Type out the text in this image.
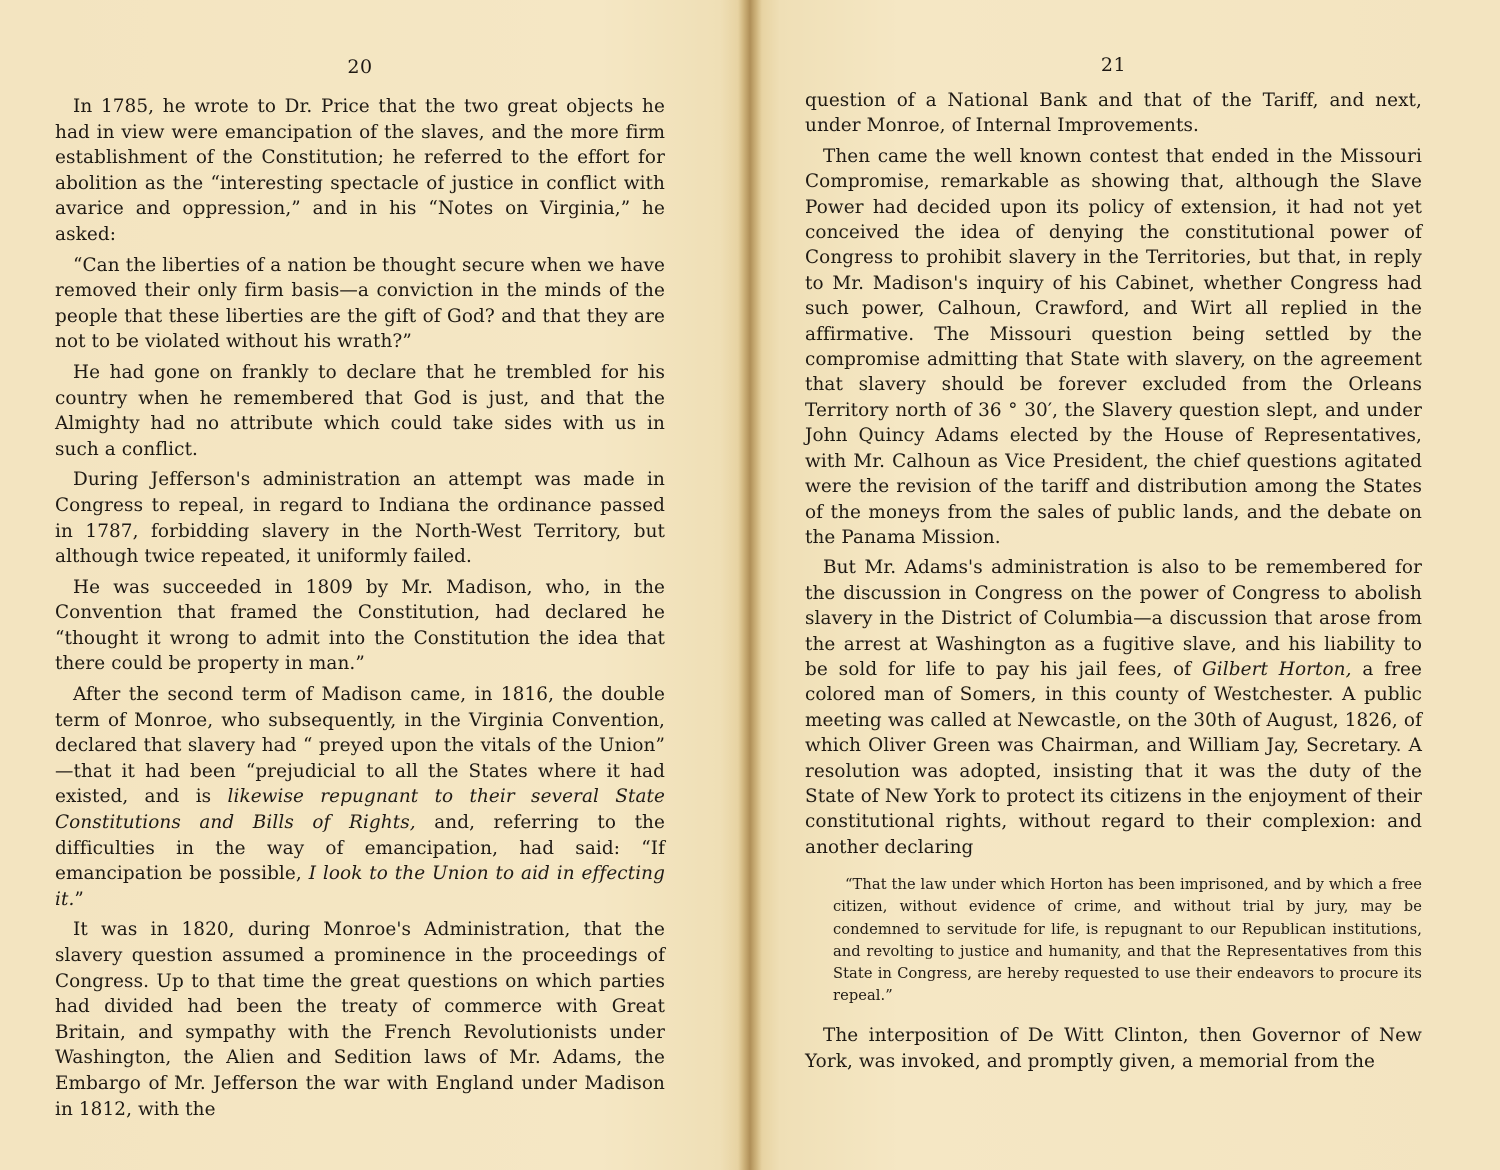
20

In 1785, he wrote to Dr. Price that the two great objects he had in view were emancipation of the slaves, and the more firm establishment of the Constitution; he referred to the effort for abolition as the “interesting spectacle of justice in conflict with avarice and oppression,” and in his “Notes on Virginia,” he asked:

“Can the liberties of a nation be thought secure when we have removed their only firm basis—a conviction in the minds of the people that these liberties are the gift of God? and that they are not to be violated without his wrath?”

He had gone on frankly to declare that he trembled for his country when he remembered that God is just, and that the Almighty had no attribute which could take sides with us in such a conflict.

During Jefferson's administration an attempt was made in Congress to repeal, in regard to Indiana the ordinance passed in 1787, forbidding slavery in the North-West Territory, but although twice repeated, it uniformly failed.

He was succeeded in 1809 by Mr. Madison, who, in the Convention that framed the Constitution, had declared he “thought it wrong to admit into the Constitution the idea that there could be property in man.”

After the second term of Madison came, in 1816, the double term of Monroe, who subsequently, in the Virginia Convention, declared that slavery had “ preyed upon the vitals of the Union” —that it had been “prejudicial to all the States where it had existed, and is likewise repugnant to their several State Constitutions and Bills of Rights, and, referring to the difficulties in the way of emancipation, had said: “If emancipation be possible, I look to the Union to aid in effecting it.”

It was in 1820, during Monroe's Administration, that the slavery question assumed a prominence in the proceedings of Congress. Up to that time the great questions on which parties had divided had been the treaty of commerce with Great Britain, and sympathy with the French Revolutionists under Washington, the Alien and Sedition laws of Mr. Adams, the Embargo of Mr. Jefferson the war with England under Madison in 1812, with the

21

question of a National Bank and that of the Tariff, and next, under Monroe, of Internal Improvements.

Then came the well known contest that ended in the Missouri Compromise, remarkable as showing that, although the Slave Power had decided upon its policy of extension, it had not yet conceived the idea of denying the constitutional power of Congress to prohibit slavery in the Territories, but that, in reply to Mr. Madison's inquiry of his Cabinet, whether Congress had such power, Calhoun, Crawford, and Wirt all replied in the affirmative. The Missouri question being settled by the compromise admitting that State with slavery, on the agreement that slavery should be forever excluded from the Orleans Territory north of 36 ° 30′, the Slavery question slept, and under John Quincy Adams elected by the House of Representatives, with Mr. Calhoun as Vice President, the chief questions agitated were the revision of the tariff and distribution among the States of the moneys from the sales of public lands, and the debate on the Panama Mission.

But Mr. Adams's administration is also to be remembered for the discussion in Congress on the power of Congress to abolish slavery in the District of Columbia—a discussion that arose from the arrest at Washington as a fugitive slave, and his liability to be sold for life to pay his jail fees, of Gilbert Horton, a free colored man of Somers, in this county of Westchester. A public meeting was called at Newcastle, on the 30th of August, 1826, of which Oliver Green was Chairman, and William Jay, Secretary. A resolution was adopted, insisting that it was the duty of the State of New York to protect its citizens in the enjoyment of their constitutional rights, without regard to their complexion: and another declaring

“That the law under which Horton has been imprisoned, and by which a free citizen, without evidence of crime, and without trial by jury, may be condemned to servitude for life, is repugnant to our Republican institutions, and revolting to justice and humanity, and that the Representatives from this State in Congress, are hereby requested to use their endeavors to procure its repeal.”

The interposition of De Witt Clinton, then Governor of New York, was invoked, and promptly given, a memorial from the
